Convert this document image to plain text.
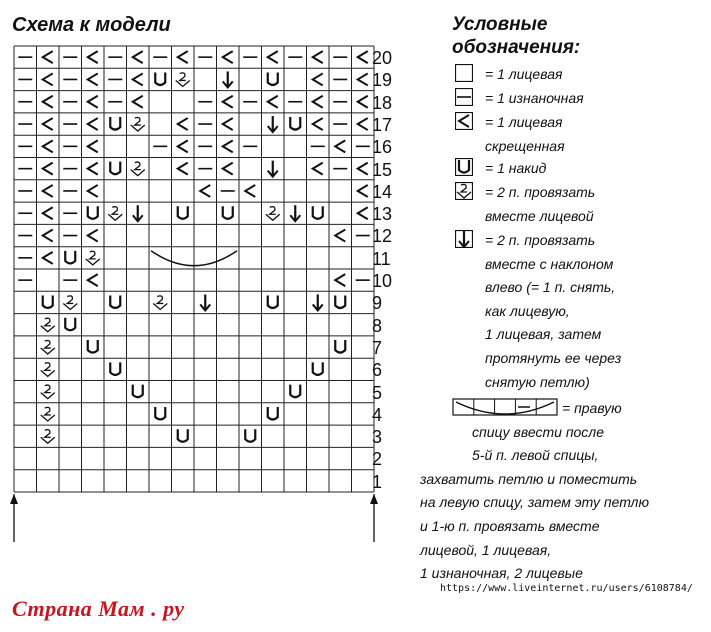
Схема к модели
20
19
18
17
16
15
14
13
12
11
10
9
8
7
6
5
4
3
2
1
Условные
обозначения:
= 1 лицевая
= 1 изнаночная
= 1 лицевая
скрещенная
= 1 накид
= 2 п. провязать
вместе лицевой
= 2 п. провязать
вместе с наклоном
влево (= 1 п. снять,
как лицевую,
1 лицевая, затем
протянуть ее через
снятую петлю)
= правую
спицу ввести после
5-й п. левой спицы,
захватить петлю и поместить
на левую спицу, затем эту петлю
и 1-ю п. провязать вместе
лицевой, 1 лицевая,
1 изнаночная, 2 лицевые
https://www.liveinternet.ru/users/6108784/
Страна Мам . ру
